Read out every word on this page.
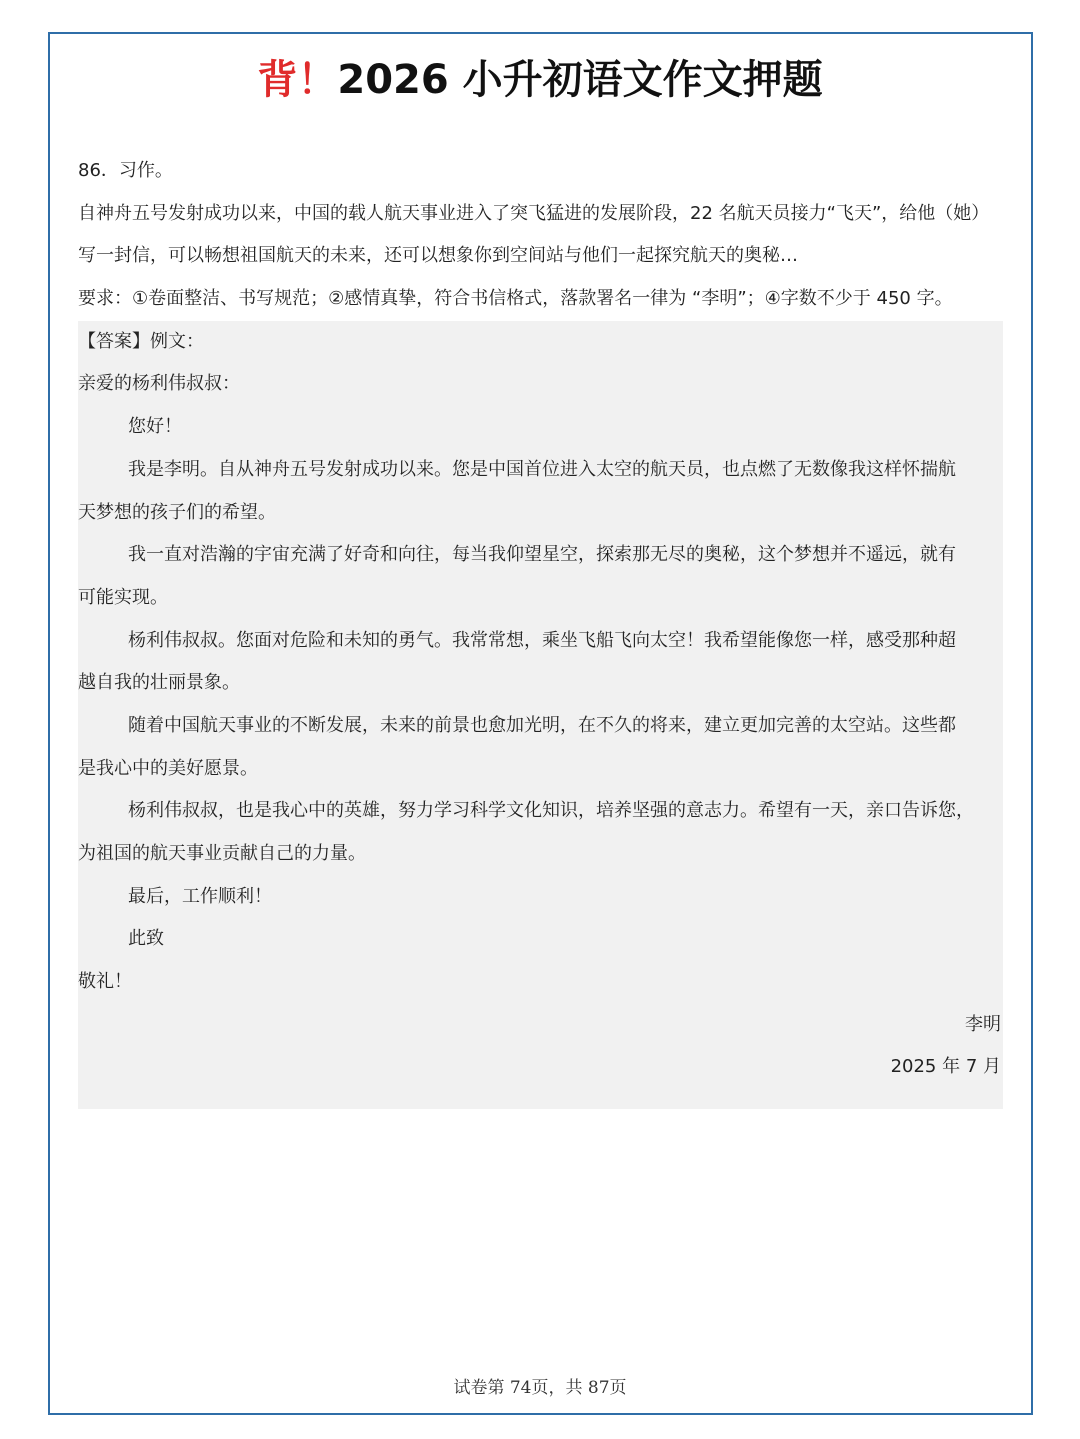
背！2026 小升初语文作文押题
86．习作。
自神舟五号发射成功以来，中国的载人航天事业进入了突飞猛进的发展阶段，22 名航天员接力“飞天”，给他（她）
写一封信，可以畅想祖国航天的未来，还可以想象你到空间站与他们一起探究航天的奥秘…
要求：①卷面整洁、书写规范；②感情真挚，符合书信格式，落款署名一律为 “李明”；④字数不少于 450 字。
【答案】例文：
亲爱的杨利伟叔叔：
您好！
我是李明。自从神舟五号发射成功以来。您是中国首位进入太空的航天员，也点燃了无数像我这样怀揣航
天梦想的孩子们的希望。
我一直对浩瀚的宇宙充满了好奇和向往，每当我仰望星空，探索那无尽的奥秘，这个梦想并不遥远，就有
可能实现。
杨利伟叔叔。您面对危险和未知的勇气。我常常想，乘坐飞船飞向太空！我希望能像您一样，感受那种超
越自我的壮丽景象。
随着中国航天事业的不断发展，未来的前景也愈加光明，在不久的将来，建立更加完善的太空站。这些都
是我心中的美好愿景。
杨利伟叔叔，也是我心中的英雄，努力学习科学文化知识，培养坚强的意志力。希望有一天，亲口告诉您，
为祖国的航天事业贡献自己的力量。
最后，工作顺利！
此致
敬礼！
李明
2025 年 7 月
试卷第 74页，共 87页
